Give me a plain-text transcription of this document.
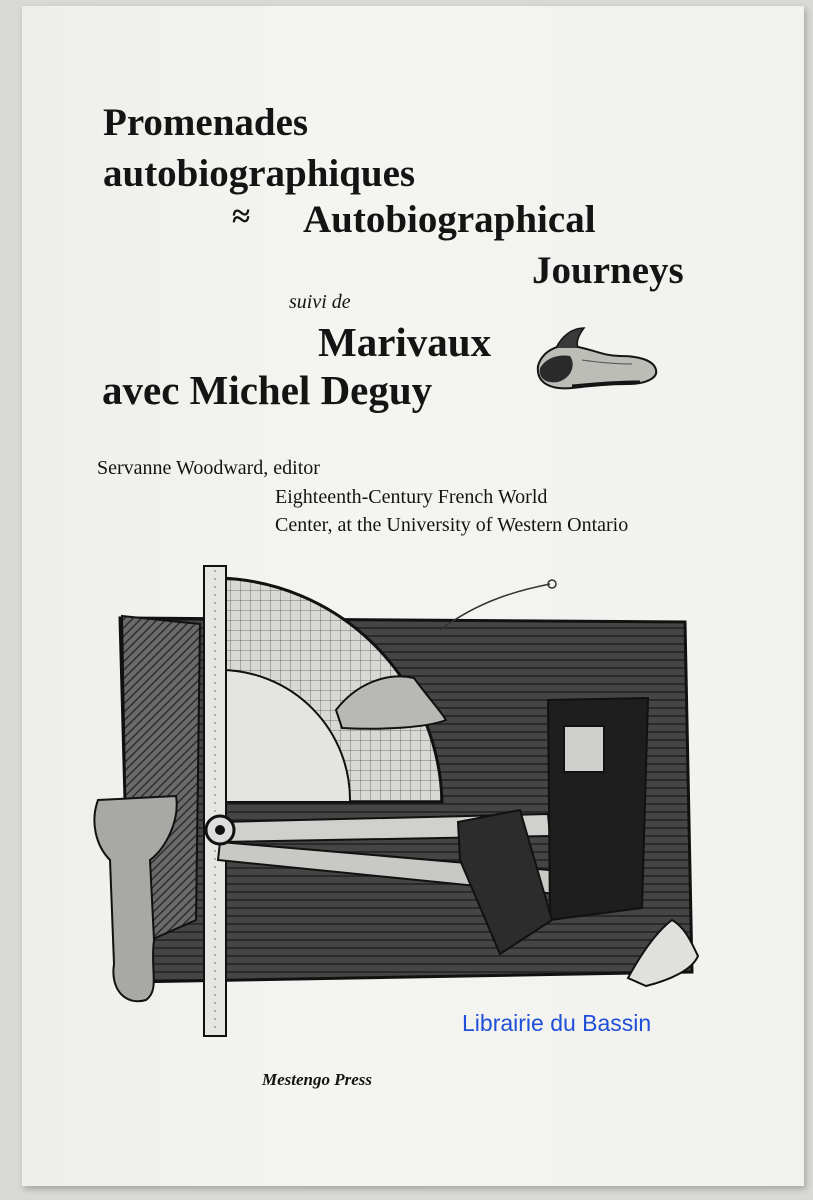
Promenades

autobiographiques

≈ Autobiographical

Journeys

suivi de

Marivaux

avec Michel Deguy

Servanne Woodward, editor

Eighteenth-Century French World

Center, at the University of Western Ontario

Librairie du Bassin

Mestengo Press
